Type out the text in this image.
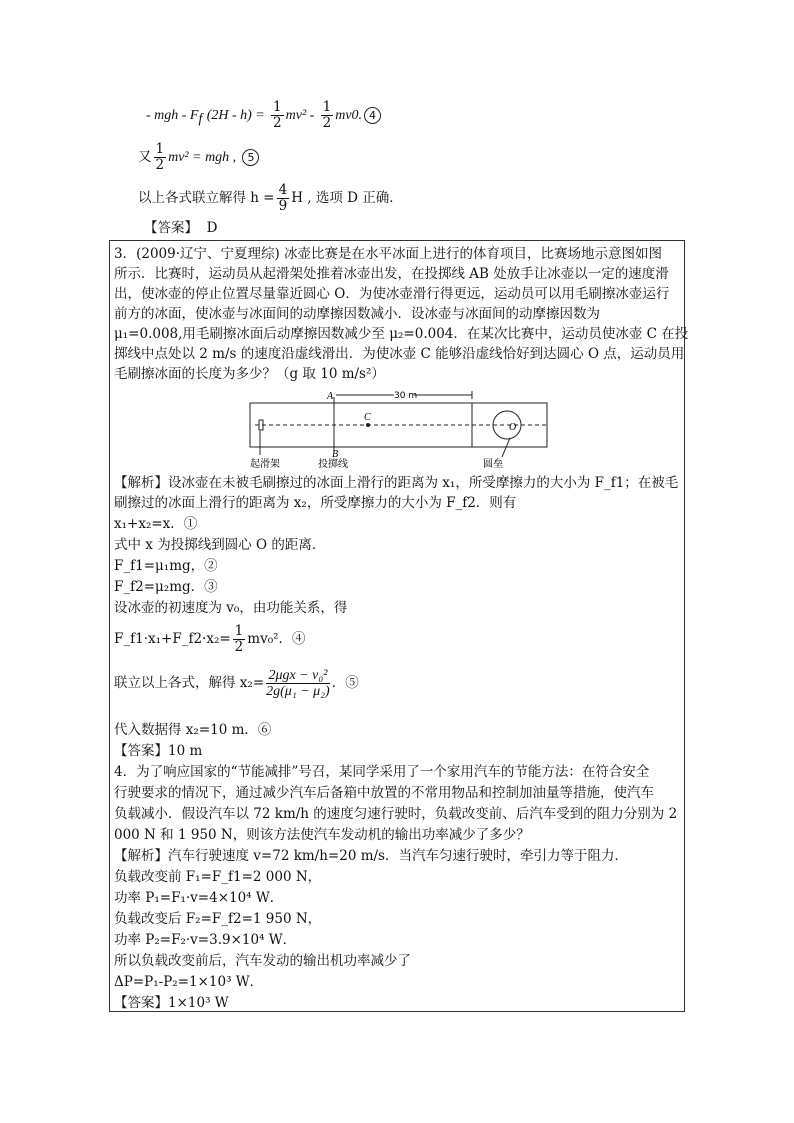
- mgh - $F_f$ $(2H - h) = \frac{1}{2} mv^2 - \frac{1}{2} mv0$. 4
又 $\frac{1}{2} mv^2$ = mgh , 5
以上各式联立解得 $h = \frac{4}{9}$ H , 选项 D 正确．
【答案】 D
3．(2009·辽宁、宁夏理综) 冰壶比赛是在水平冰面上进行的体育项目，比赛场地示意图如图
所示．比赛时，运动员从起滑架处推着冰壶出发，在投掷线 AB 处放手让冰壶以一定的速度滑
出，使冰壶的停止位置尽量靠近圆心 O．为使冰壶滑行得更远，运动员可以用毛刷擦冰壶运行
前方的冰面，使冰壶与冰面间的动摩擦因数减小．设冰壶与冰面间的动摩擦因数为
μ₁=0.008,用毛刷擦冰面后动摩擦因数减少至 μ₂=0.004．在某次比赛中，运动员使冰壶 C 在投
掷线中点处以 2 m/s 的速度沿虚线滑出．为使冰壶 C 能够沿虚线恰好到达圆心 O 点，运动员用
毛刷擦冰面的长度为多少？（g 取 10 m/s²）
A
B
C
O
30 m
起滑架	投掷线	圆垒
【解析】设冰壶在未被毛刷擦过的冰面上滑行的距离为 x₁，所受摩擦力的大小为 F_f1；在被毛
刷擦过的冰面上滑行的距离为 x₂，所受摩擦力的大小为 F_f2．则有
x₁+x₂=x．①
式中 x 为投掷线到圆心 O 的距离．
F_f1=μ₁mg，②
F_f2=μ₂mg．③
设冰壶的初速度为 v₀，由功能关系，得
F_f1·x₁+F_f2·x₂= $\frac{1}{2} mv_0^2$．④
联立以上各式，解得 $x_2= \frac{\text{2μgx − v₀²}}{\text{2g(μ₁ − μ₂)}}$ ．⑤
代入数据得 x₂=10 m．⑥
【答案】10 m
4．为了响应国家的“节能减排”号召，某同学采用了一个家用汽车的节能方法：在符合安全
行驶要求的情况下，通过减少汽车后备箱中放置的不常用物品和控制加油量等措施，使汽车
负载减小．假设汽车以 72 km/h 的速度匀速行驶时，负载改变前、后汽车受到的阻力分别为 2
000 N 和 1 950 N，则该方法使汽车发动机的输出功率减少了多少？
【解析】汽车行驶速度 v=72 km/h=20 m/s．当汽车匀速行驶时，牵引力等于阻力．
负载改变前 F₁=F_f1=2 000 N，
功率 P₁=F₁·v=4×10⁴ W．
负载改变后 F₂=F_f2=1 950 N，
功率 P₂=F₂·v=3.9×10⁴ W．
所以负载改变前后，汽车发动的输出机功率减少了
ΔP=P₁-P₂=1×10³ W．
【答案】1×10³ W
